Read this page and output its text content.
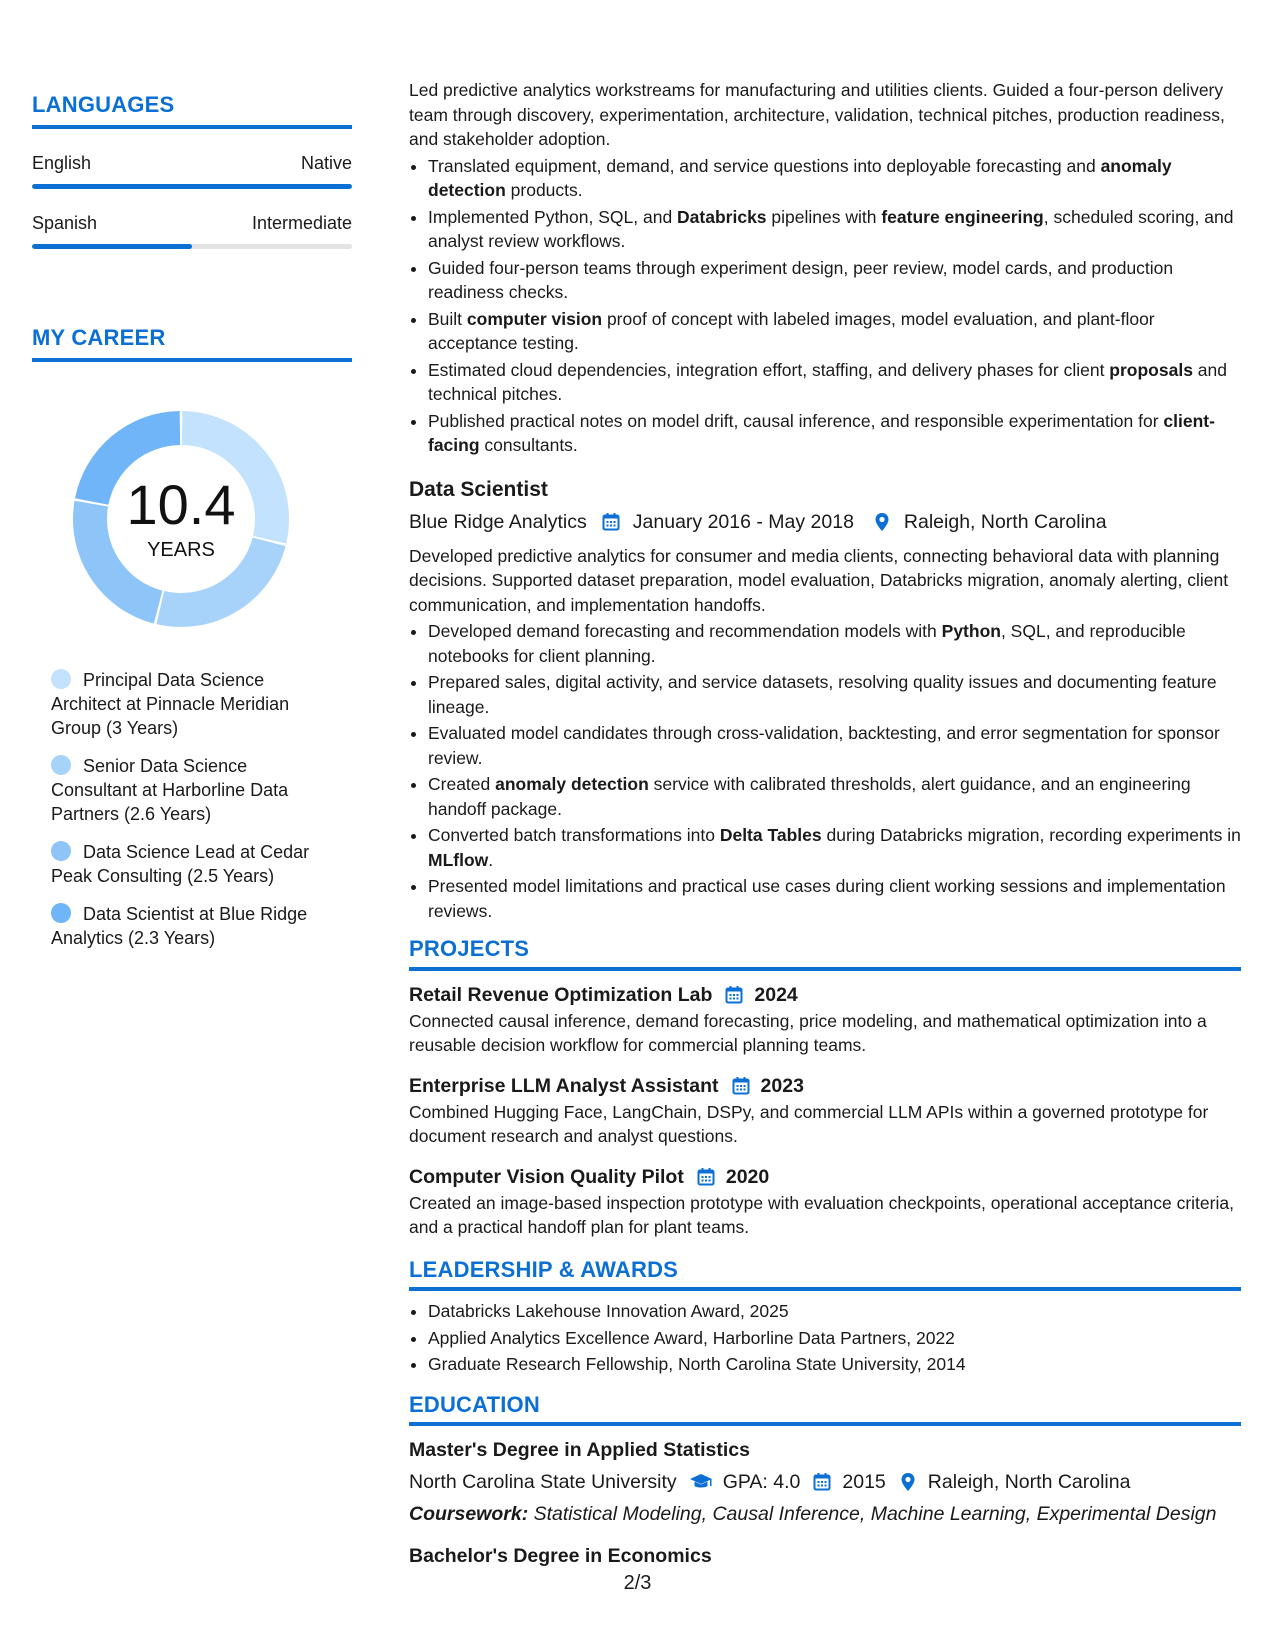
LANGUAGES
English	Native
Spanish	Intermediate
MY CAREER
10.4
YEARS
Principal Data Science Architect at Pinnacle Meridian Group (3 Years)
Senior Data Science Consultant at Harborline Data Partners (2.6 Years)
Data Science Lead at Cedar Peak Consulting (2.5 Years)
Data Scientist at Blue Ridge Analytics (2.3 Years)

Led predictive analytics workstreams for manufacturing and utilities clients. Guided a four-person delivery team through discovery, experimentation, architecture, validation, technical pitches, production readiness, and stakeholder adoption.

• Translated equipment, demand, and service questions into deployable forecasting and anomaly detection products.
• Implemented Python, SQL, and Databricks pipelines with feature engineering, scheduled scoring, and analyst review workflows.
• Guided four-person teams through experiment design, peer review, model cards, and production readiness checks.
• Built computer vision proof of concept with labeled images, model evaluation, and plant-floor acceptance testing.
• Estimated cloud dependencies, integration effort, staffing, and delivery phases for client proposals and technical pitches.
• Published practical notes on model drift, causal inference, and responsible experimentation for client-facing consultants.
Data Scientist
Blue Ridge Analytics January 2016 - May 2018	Raleigh, North Carolina

Developed predictive analytics for consumer and media clients, connecting behavioral data with planning decisions. Supported dataset preparation, model evaluation, Databricks migration, anomaly alerting, client communication, and implementation handoffs.

• Developed demand forecasting and recommendation models with Python, SQL, and reproducible notebooks for client planning.
• Prepared sales, digital activity, and service datasets, resolving quality issues and documenting feature lineage.
• Evaluated model candidates through cross-validation, backtesting, and error segmentation for sponsor review.
• Created anomaly detection service with calibrated thresholds, alert guidance, and an engineering handoff package.
• Converted batch transformations into Delta Tables during Databricks migration, recording experiments in MLflow.
• Presented model limitations and practical use cases during client working sessions and implementation reviews.
PROJECTS
Retail Revenue Optimization Lab 2024

Connected causal inference, demand forecasting, price modeling, and mathematical optimization into a reusable decision workflow for commercial planning teams.

Enterprise LLM Analyst Assistant 2023

Combined Hugging Face, LangChain, DSPy, and commercial LLM APIs within a governed prototype for document research and analyst questions.

Computer Vision Quality Pilot 2020

Created an image-based inspection prototype with evaluation checkpoints, operational acceptance criteria, and a practical handoff plan for plant teams.

LEADERSHIP & AWARDS
• Databricks Lakehouse Innovation Award, 2025
• Applied Analytics Excellence Award, Harborline Data Partners, 2022
• Graduate Research Fellowship, North Carolina State University, 2014
EDUCATION
Master's Degree in Applied Statistics
North Carolina State University GPA: 4.0 2015 Raleigh, North Carolina
Coursework: Statistical Modeling, Causal Inference, Machine Learning, Experimental Design
Bachelor's Degree in Economics
2/3
